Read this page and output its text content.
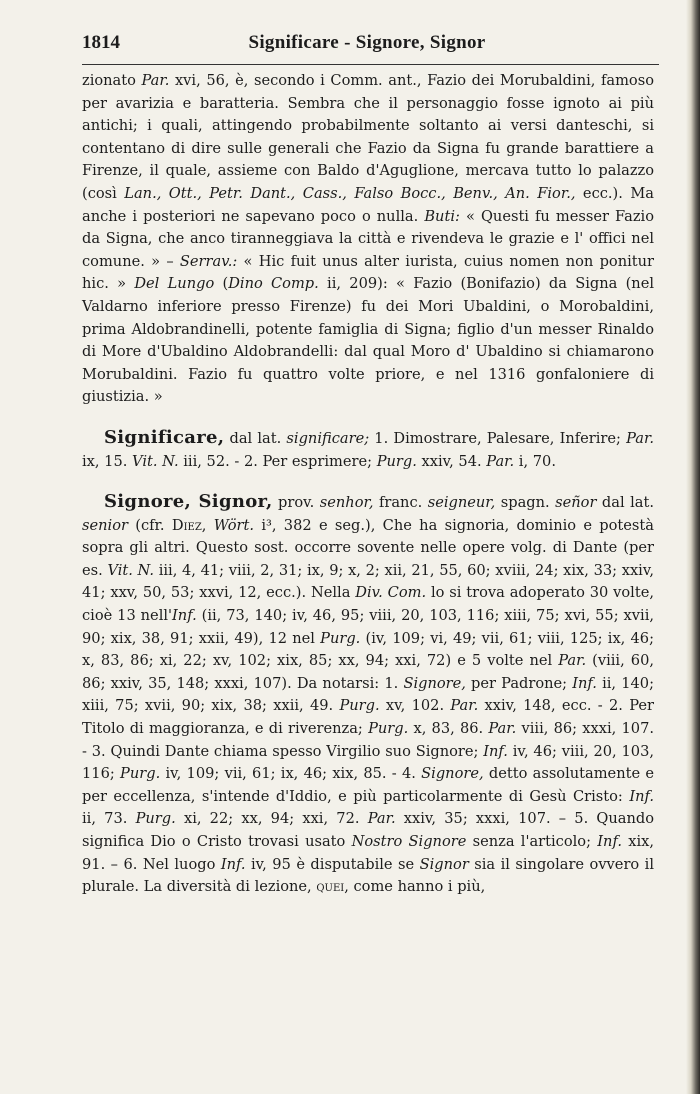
1814	Significare - Signore, Signor

zionato Par. xvi, 56, è, secondo i Comm. ant., Fazio dei Morubaldini, famoso per avarizia e baratteria. Sembra che il personaggio fosse ignoto ai più antichi; i quali, attingendo probabilmente soltanto ai versi danteschi, si contentano di dire sulle generali che Fazio da Signa fu grande barattiere a Firenze, il quale, assieme con Baldo d'Aguglione, mercava tutto lo palazzo (così Lan., Ott., Petr. Dant., Cass., Falso Bocc., Benv., An. Fior., ecc.). Ma anche i posteriori ne sapevano poco o nulla. Buti: « Questi fu messer Fazio da Signa, che anco tiranneggiava la città e rivendeva le grazie e l' offici nel comune. » – Serrav.: « Hic fuit unus alter iurista, cuius nomen non ponitur hic. » Del Lungo (Dino Comp. ii, 209): « Fazio (Bonifazio) da Signa (nel Valdarno inferiore presso Firenze) fu dei Mori Ubaldini, o Morobaldini, prima Aldobrandinelli, potente famiglia di Signa; figlio d'un messer Rinaldo di More d'Ubaldino Aldobrandelli: dal qual Moro d' Ubaldino si chiamarono Morubaldini. Fazio fu quattro volte priore, e nel 1316 gonfaloniere di giustizia. »

Significare, dal lat. significare; 1. Dimostrare, Palesare, Inferire; Par. ix, 15. Vit. N. iii, 52. - 2. Per esprimere; Purg. xxiv, 54. Par. i, 70.

Signore, Signor, prov. senhor, franc. seigneur, spagn. señor dal lat. senior (cfr. Diez, Wört. i³, 382 e seg.), Che ha signoria, dominio e potestà sopra gli altri. Questo sost. occorre sovente nelle opere volg. di Dante (per es. Vit. N. iii, 4, 41; viii, 2, 31; ix, 9; x, 2; xii, 21, 55, 60; xviii, 24; xix, 33; xxiv, 41; xxv, 50, 53; xxvi, 12, ecc.). Nella Div. Com. lo si trova adoperato 30 volte, cioè 13 nell'Inf. (ii, 73, 140; iv, 46, 95; viii, 20, 103, 116; xiii, 75; xvi, 55; xvii, 90; xix, 38, 91; xxii, 49), 12 nel Purg. (iv, 109; vi, 49; vii, 61; viii, 125; ix, 46; x, 83, 86; xi, 22; xv, 102; xix, 85; xx, 94; xxi, 72) e 5 volte nel Par. (viii, 60, 86; xxiv, 35, 148; xxxi, 107). Da notarsi: 1. Signore, per Padrone; Inf. ii, 140; xiii, 75; xvii, 90; xix, 38; xxii, 49. Purg. xv, 102. Par. xxiv, 148, ecc. - 2. Per Titolo di maggioranza, e di riverenza; Purg. x, 83, 86. Par. viii, 86; xxxi, 107. - 3. Quindi Dante chiama spesso Virgilio suo Signore; Inf. iv, 46; viii, 20, 103, 116; Purg. iv, 109; vii, 61; ix, 46; xix, 85. - 4. Signore, detto assolutamente e per eccellenza, s'intende d'Iddio, e più particolarmente di Gesù Cristo: Inf. ii, 73. Purg. xi, 22; xx, 94; xxi, 72. Par. xxiv, 35; xxxi, 107. – 5. Quando significa Dio o Cristo trovasi usato Nostro Signore senza l'articolo; Inf. xix, 91. – 6. Nel luogo Inf. iv, 95 è disputabile se Signor sia il singolare ovvero il plurale. La diversità di lezione, quei, come hanno i più,
